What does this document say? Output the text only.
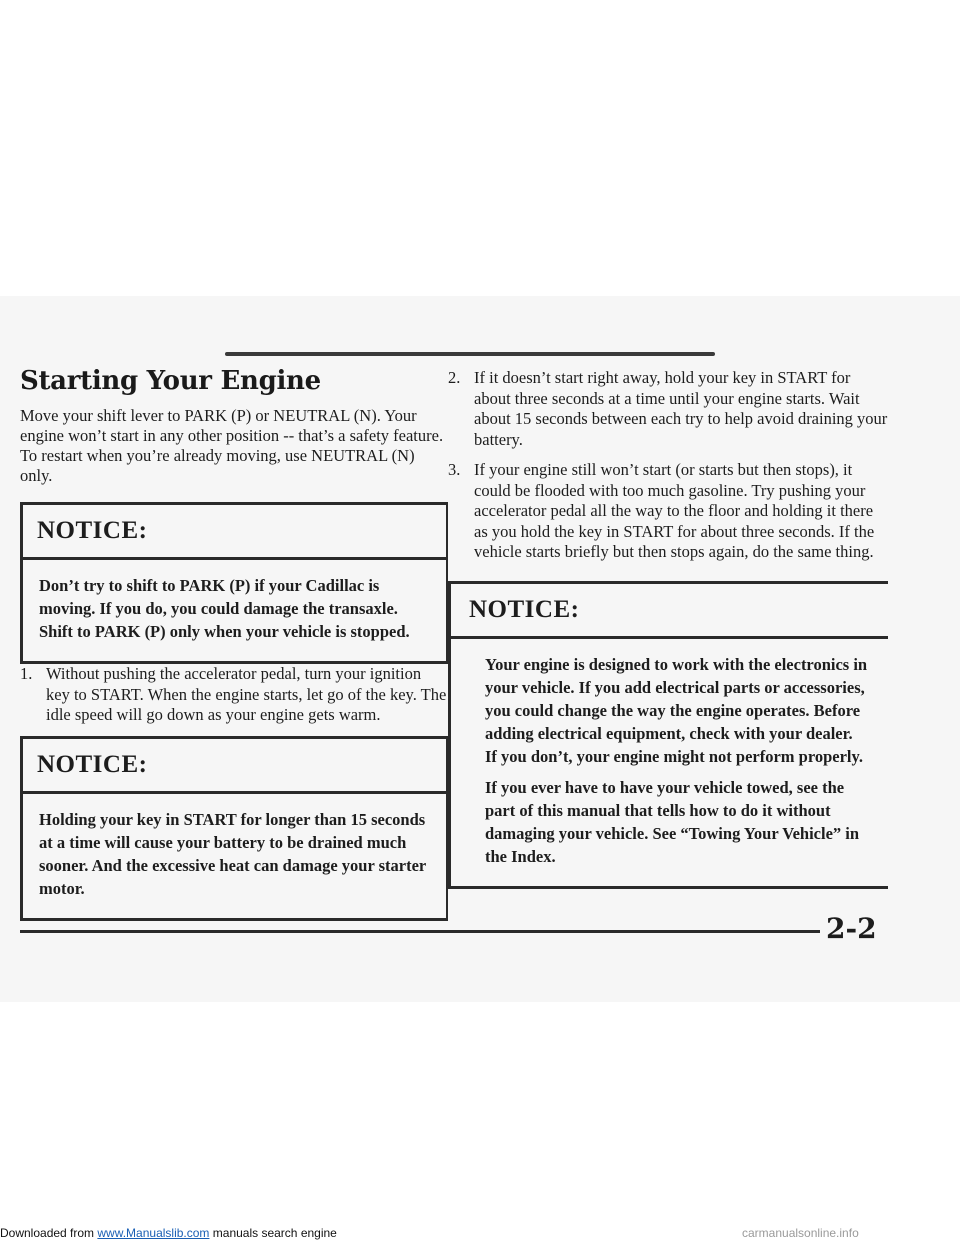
Starting Your Engine

Move your shift lever to PARK (P) or NEUTRAL (N). Your engine won’t start in any other position -- that’s a safety feature. To restart when you’re already moving, use NEUTRAL (N) only.

NOTICE:

Don’t try to shift to PARK (P) if your Cadillac is moving. If you do, you could damage the transaxle. Shift to PARK (P) only when your vehicle is stopped.

1. Without pushing the accelerator pedal, turn your ignition key to START. When the engine starts, let go of the key. The idle speed will go down as your engine gets warm.
NOTICE:

Holding your key in START for longer than 15 seconds at a time will cause your battery to be drained much sooner. And the excessive heat can damage your starter motor.

2. If it doesn’t start right away, hold your key in START for about three seconds at a time until your engine starts. Wait about 15 seconds between each try to help avoid draining your battery.
3. If your engine still won’t start (or starts but then stops), it could be flooded with too much gasoline. Try pushing your accelerator pedal all the way to the floor and holding it there as you hold the key in START for about three seconds. If the vehicle starts briefly but then stops again, do the same thing.
NOTICE:

Your engine is designed to work with the electronics in your vehicle. If you add electrical parts or accessories, you could change the way the engine operates. Before adding electrical equipment, check with your dealer. If you don’t, your engine might not perform properly.

If you ever have to have your vehicle towed, see the part of this manual that tells how to do it without damaging your vehicle. See “Towing Your Vehicle” in the Index.

2-2
Downloaded from www.Manualslib.com manuals search engine	carmanualsonline.info
